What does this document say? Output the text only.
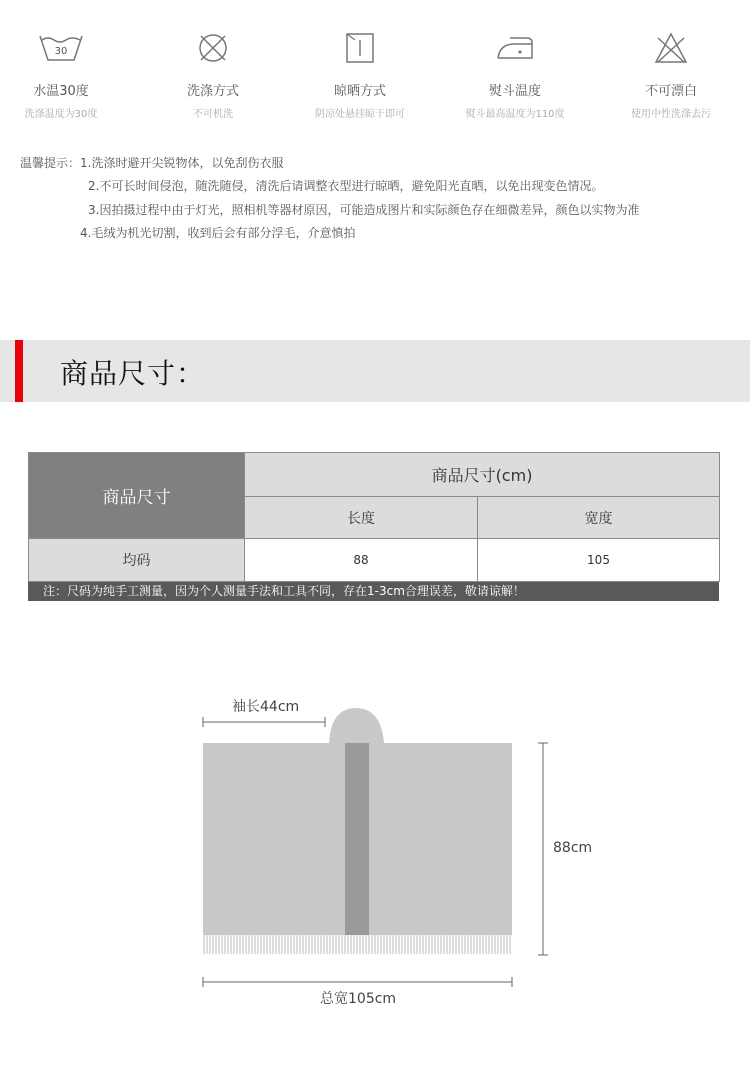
30
水温30度
洗涤温度为30度
洗涤方式
不可机洗
晾晒方式
阴凉处悬挂晾干即可
熨斗温度
熨斗最高温度为110度
不可漂白
使用中性洗涤去污
温馨提示：1.洗涤时避开尖锐物体，以免刮伤衣服
2.不可长时间侵泡，随洗随侵，清洗后请调整衣型进行晾晒，避免阳光直晒，以免出现变色情况。
3.因拍摄过程中由于灯光，照相机等器材原因，可能造成图片和实际颜色存在细微差异，颜色以实物为准
4.毛绒为机光切割，收到后会有部分浮毛，介意慎拍
商品尺寸：
商品尺寸	商品尺寸(cm)	
	长度	宽度
均码	88	105
注：尺码为纯手工测量，因为个人测量手法和工具不同，存在1-3cm合理误差，敬请谅解！
袖长44cm
88cm
总宽105cm
